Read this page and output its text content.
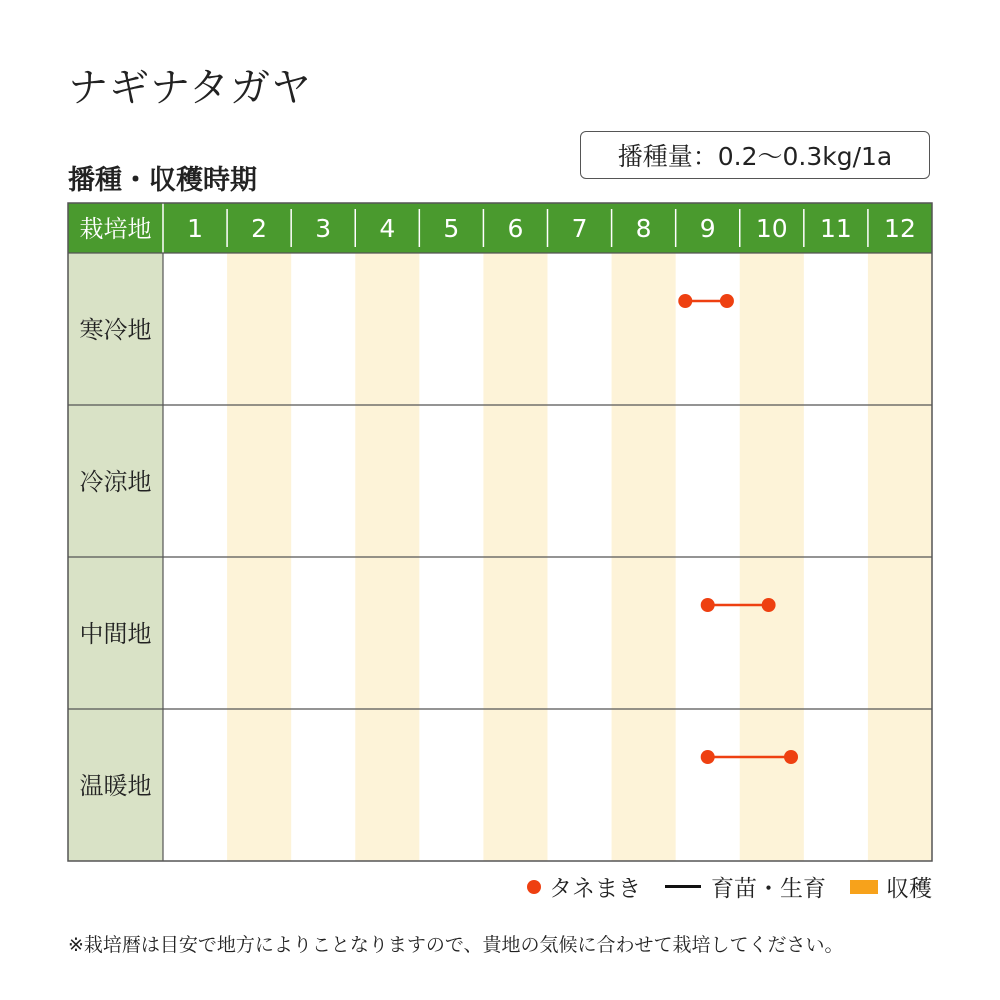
ナギナタガヤ
播種・収穫時期
播種量：0.2〜0.3kg/1a
栽培地 1 2 3 4 5 6 7 8 9 10 11 12
寒冷地
冷涼地
中間地
温暖地
タネまき	育苗・生育	収穫
※栽培暦は目安で地方によりことなりますので、貴地の気候に合わせて栽培してください。
